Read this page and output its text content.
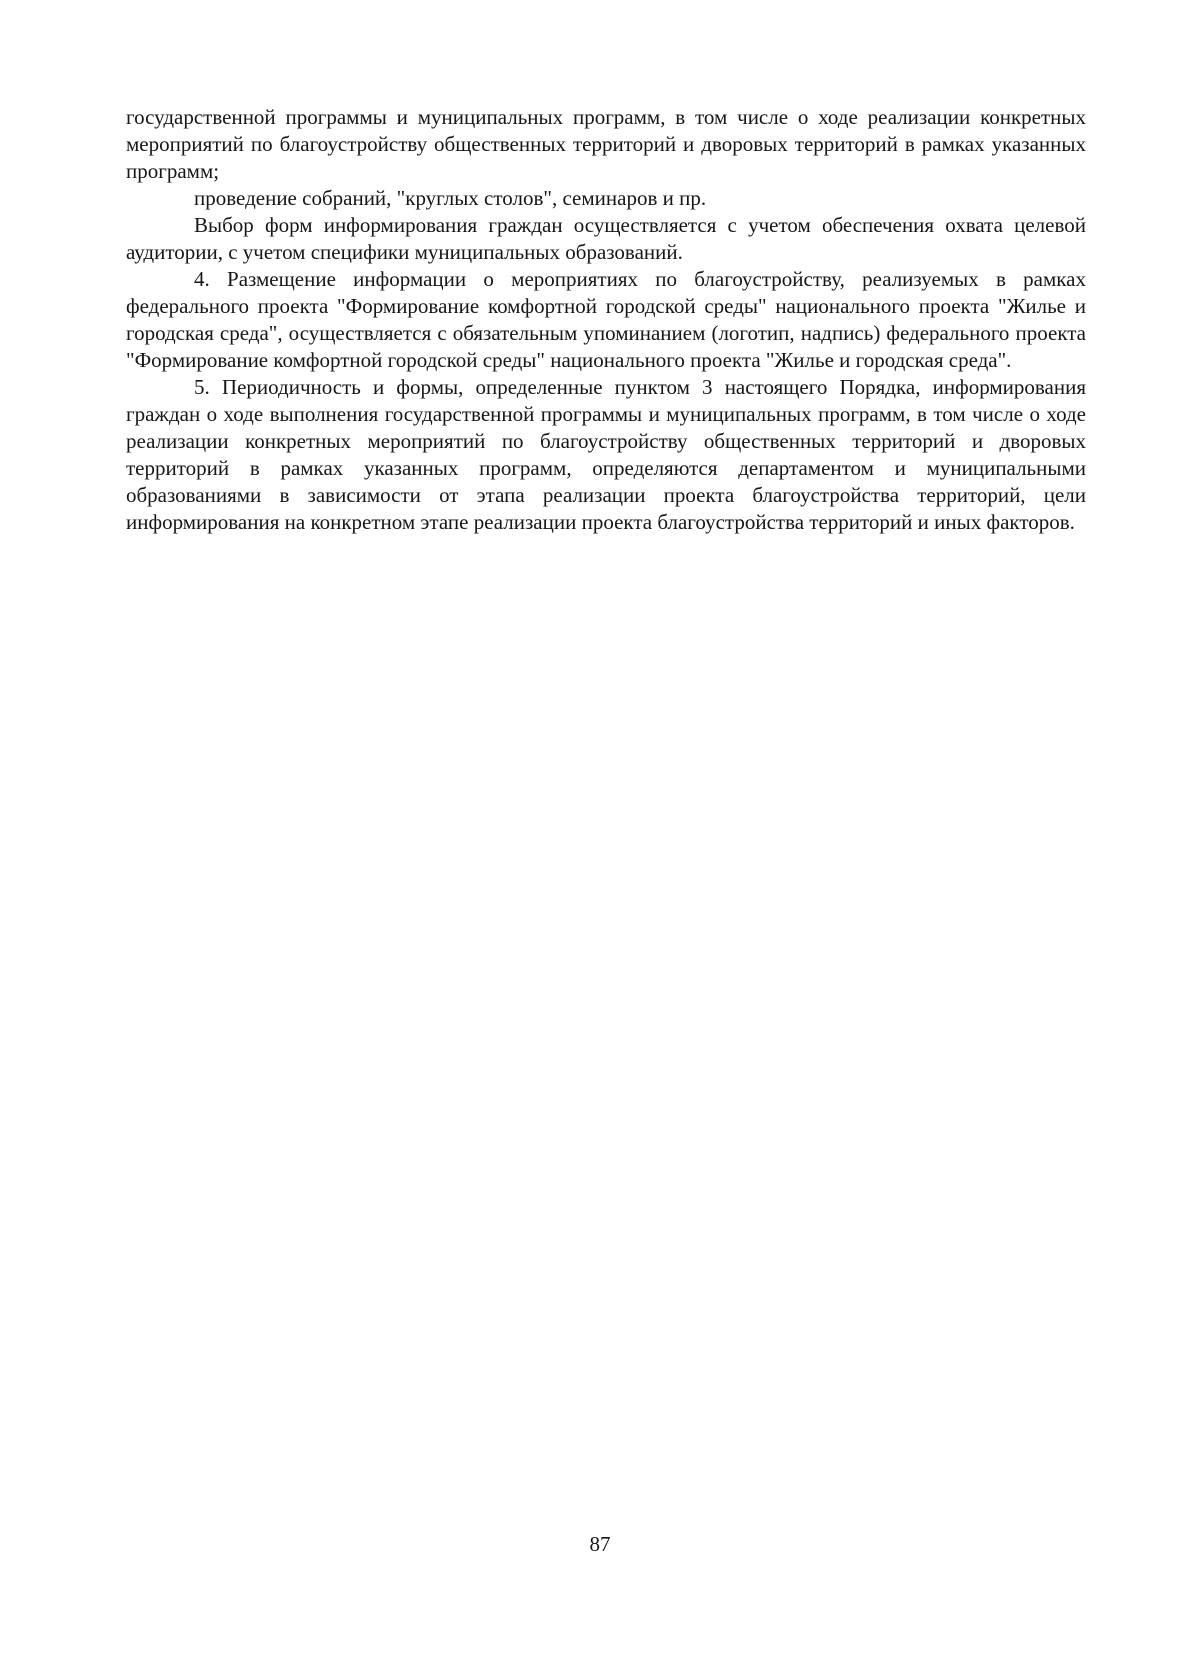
государственной программы и муниципальных программ, в том числе о ходе реализации конкретных мероприятий по благоустройству общественных территорий и дворовых территорий в рамках указанных программ;

проведение собраний, "круглых столов", семинаров и пр.

Выбор форм информирования граждан осуществляется с учетом обеспечения охвата целевой аудитории, с учетом специфики муниципальных образований.

4. Размещение информации о мероприятиях по благоустройству, реализуемых в рамках федерального проекта "Формирование комфортной городской среды" национального проекта "Жилье и городская среда", осуществляется с обязательным упоминанием (логотип, надпись) федерального проекта "Формирование комфортной городской среды" национального проекта "Жилье и городская среда".

5. Периодичность и формы, определенные пунктом 3 настоящего Порядка, информирования граждан о ходе выполнения государственной программы и муниципальных программ, в том числе о ходе реализации конкретных мероприятий по благоустройству общественных территорий и дворовых территорий в рамках указанных программ, определяются департаментом и муниципальными образованиями в зависимости от этапа реализации проекта благоустройства территорий, цели информирования на конкретном этапе реализации проекта благоустройства территорий и иных факторов.

87
